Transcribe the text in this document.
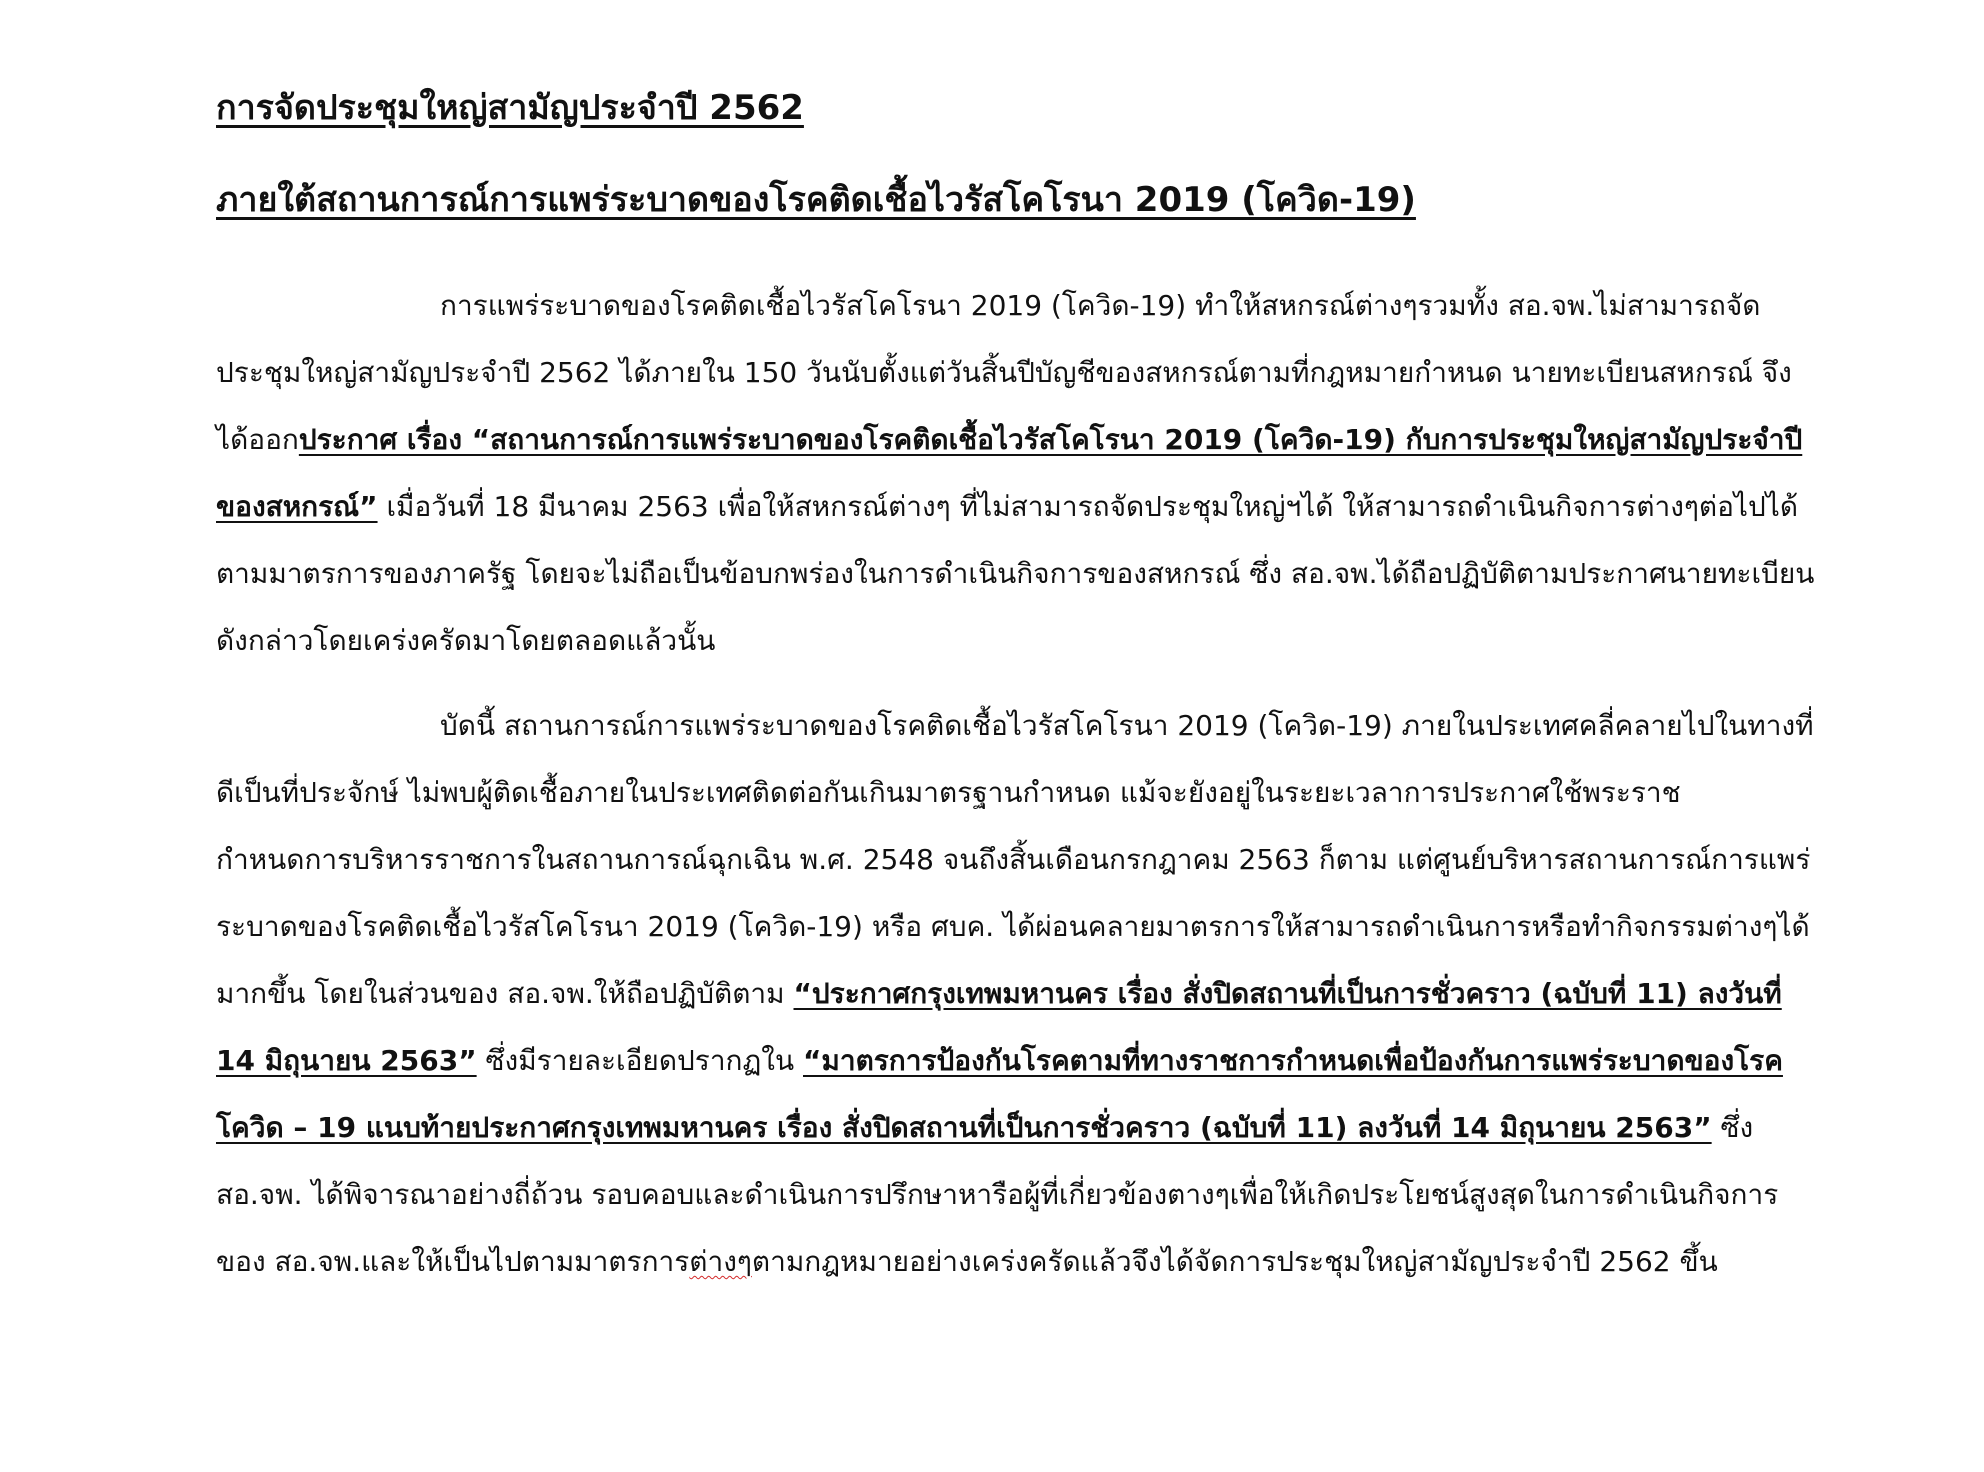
การจัดประชุมใหญ่สามัญประจำปี 2562

ภายใต้สถานการณ์การแพร่ระบาดของโรคติดเชื้อไวรัสโคโรนา 2019 (โควิด-19)

การแพร่ระบาดของโรคติดเชื้อไวรัสโคโรนา 2019 (โควิด-19) ทำให้สหกรณ์ต่างๆรวมทั้ง สอ.จพ.ไม่สามารถจัดประชุมใหญ่สามัญประจำปี 2562 ได้ภายใน 150 วันนับตั้งแต่วันสิ้นปีบัญชีของสหกรณ์ตามที่กฎหมายกำหนด นายทะเบียนสหกรณ์ จึงได้ออกประกาศ เรื่อง “สถานการณ์การแพร่ระบาดของโรคติดเชื้อไวรัสโคโรนา 2019 (โควิด-19) กับการประชุมใหญ่สามัญประจำปีของสหกรณ์” เมื่อวันที่ 18 มีนาคม 2563 เพื่อให้สหกรณ์ต่างๆ ที่ไม่สามารถจัดประชุมใหญ่ฯได้ ให้สามารถดำเนินกิจการต่างๆต่อไปได้ตามมาตรการของภาครัฐ โดยจะไม่ถือเป็นข้อบกพร่องในการดำเนินกิจการของสหกรณ์ ซึ่ง สอ.จพ.ได้ถือปฏิบัติตามประกาศนายทะเบียนดังกล่าวโดยเคร่งครัดมาโดยตลอดแล้วนั้น

บัดนี้ สถานการณ์การแพร่ระบาดของโรคติดเชื้อไวรัสโคโรนา 2019 (โควิด-19) ภายในประเทศคลี่คลายไปในทางที่ดีเป็นที่ประจักษ์ ไม่พบผู้ติดเชื้อภายในประเทศติดต่อกันเกินมาตรฐานกำหนด แม้จะยังอยู่ในระยะเวลาการประกาศใช้พระราชกำหนดการบริหารราชการในสถานการณ์ฉุกเฉิน พ.ศ. 2548 จนถึงสิ้นเดือนกรกฎาคม 2563 ก็ตาม แต่ศูนย์บริหารสถานการณ์การแพร่ระบาดของโรคติดเชื้อไวรัสโคโรนา 2019 (โควิด-19) หรือ ศบค. ได้ผ่อนคลายมาตรการให้สามารถดำเนินการหรือทำกิจกรรมต่างๆได้มากขึ้น โดยในส่วนของ สอ.จพ.ให้ถือปฏิบัติตาม “ประกาศกรุงเทพมหานคร เรื่อง สั่งปิดสถานที่เป็นการชั่วคราว (ฉบับที่ 11) ลงวันที่ 14 มิถุนายน 2563” ซึ่งมีรายละเอียดปรากฏใน “มาตรการป้องกันโรคตามที่ทางราชการกำหนดเพื่อป้องกันการแพร่ระบาดของโรคโควิด – 19 แนบท้ายประกาศกรุงเทพมหานคร เรื่อง สั่งปิดสถานที่เป็นการชั่วคราว (ฉบับที่ 11) ลงวันที่ 14 มิถุนายน 2563” ซึ่ง สอ.จพ. ได้พิจารณาอย่างถี่ถ้วน รอบคอบและดำเนินการปรึกษาหารือผู้ที่เกี่ยวข้องตางๆเพื่อให้เกิดประโยชน์สูงสุดในการดำเนินกิจการของ สอ.จพ.และให้เป็นไปตามมาตรการต่างๆตามกฎหมายอย่างเคร่งครัดแล้วจึงได้จัดการประชุมใหญ่สามัญประจำปี 2562 ขึ้น
